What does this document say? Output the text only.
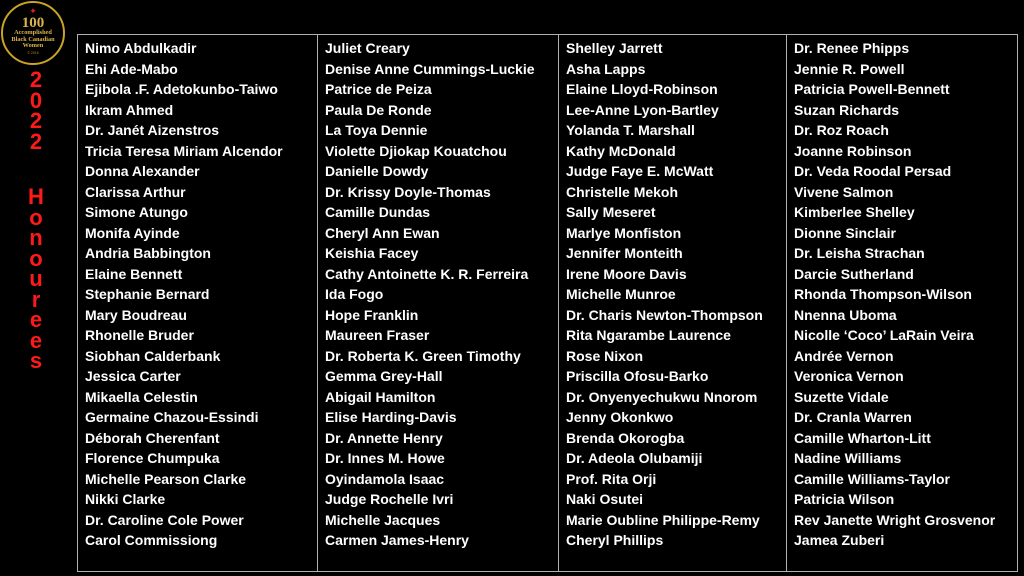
✦
100
Accomplished
Black Canadian
Women
© 2016
2
0
2
2
H
o
n
o
u
r
e
e
s
Nimo Abdulkadir
Ehi Ade-Mabo
Ejibola .F. Adetokunbo-Taiwo
Ikram Ahmed
Dr. Janét Aizenstros
Tricia Teresa Miriam Alcendor
Donna Alexander
Clarissa Arthur
Simone Atungo
Monifa Ayinde
Andria Babbington
Elaine Bennett
Stephanie Bernard
Mary Boudreau
Rhonelle Bruder
Siobhan Calderbank
Jessica Carter
Mikaella Celestin
Germaine Chazou-Essindi
Déborah Cherenfant
Florence Chumpuka
Michelle Pearson Clarke
Nikki Clarke
Dr. Caroline Cole Power
Carol Commissiong
Juliet Creary
Denise Anne Cummings-Luckie
Patrice de Peiza
Paula De Ronde
La Toya Dennie
Violette Djiokap Kouatchou
Danielle Dowdy
Dr. Krissy Doyle-Thomas
Camille Dundas
Cheryl Ann Ewan
Keishia Facey
Cathy Antoinette K. R. Ferreira
Ida Fogo
Hope Franklin
Maureen Fraser
Dr. Roberta K. Green Timothy
Gemma Grey-Hall
Abigail Hamilton
Elise Harding-Davis
Dr. Annette Henry
Dr. Innes M. Howe
Oyindamola Isaac
Judge Rochelle Ivri
Michelle Jacques
Carmen James-Henry
Shelley Jarrett
Asha Lapps
Elaine Lloyd-Robinson
Lee-Anne Lyon-Bartley
Yolanda T. Marshall
Kathy McDonald
Judge Faye E. McWatt
Christelle Mekoh
Sally Meseret
Marlye Monfiston
Jennifer Monteith
Irene Moore Davis
Michelle Munroe
Dr. Charis Newton-Thompson
Rita Ngarambe Laurence
Rose Nixon
Priscilla Ofosu-Barko
Dr. Onyenyechukwu Nnorom
Jenny Okonkwo
Brenda Okorogba
Dr. Adeola Olubamiji
Prof. Rita Orji
Naki Osutei
Marie Oubline Philippe-Remy
Cheryl Phillips
Dr. Renee Phipps
Jennie R. Powell
Patricia Powell-Bennett
Suzan Richards
Dr. Roz Roach
Joanne Robinson
Dr. Veda Roodal Persad
Vivene Salmon
Kimberlee Shelley
Dionne Sinclair
Dr. Leisha Strachan
Darcie Sutherland
Rhonda Thompson-Wilson
Nnenna Uboma
Nicolle ‘Coco’ LaRain Veira
Andrée Vernon
Veronica Vernon
Suzette Vidale
Dr. Cranla Warren
Camille Wharton-Litt
Nadine Williams
Camille Williams-Taylor
Patricia Wilson
Rev Janette Wright Grosvenor
Jamea Zuberi
